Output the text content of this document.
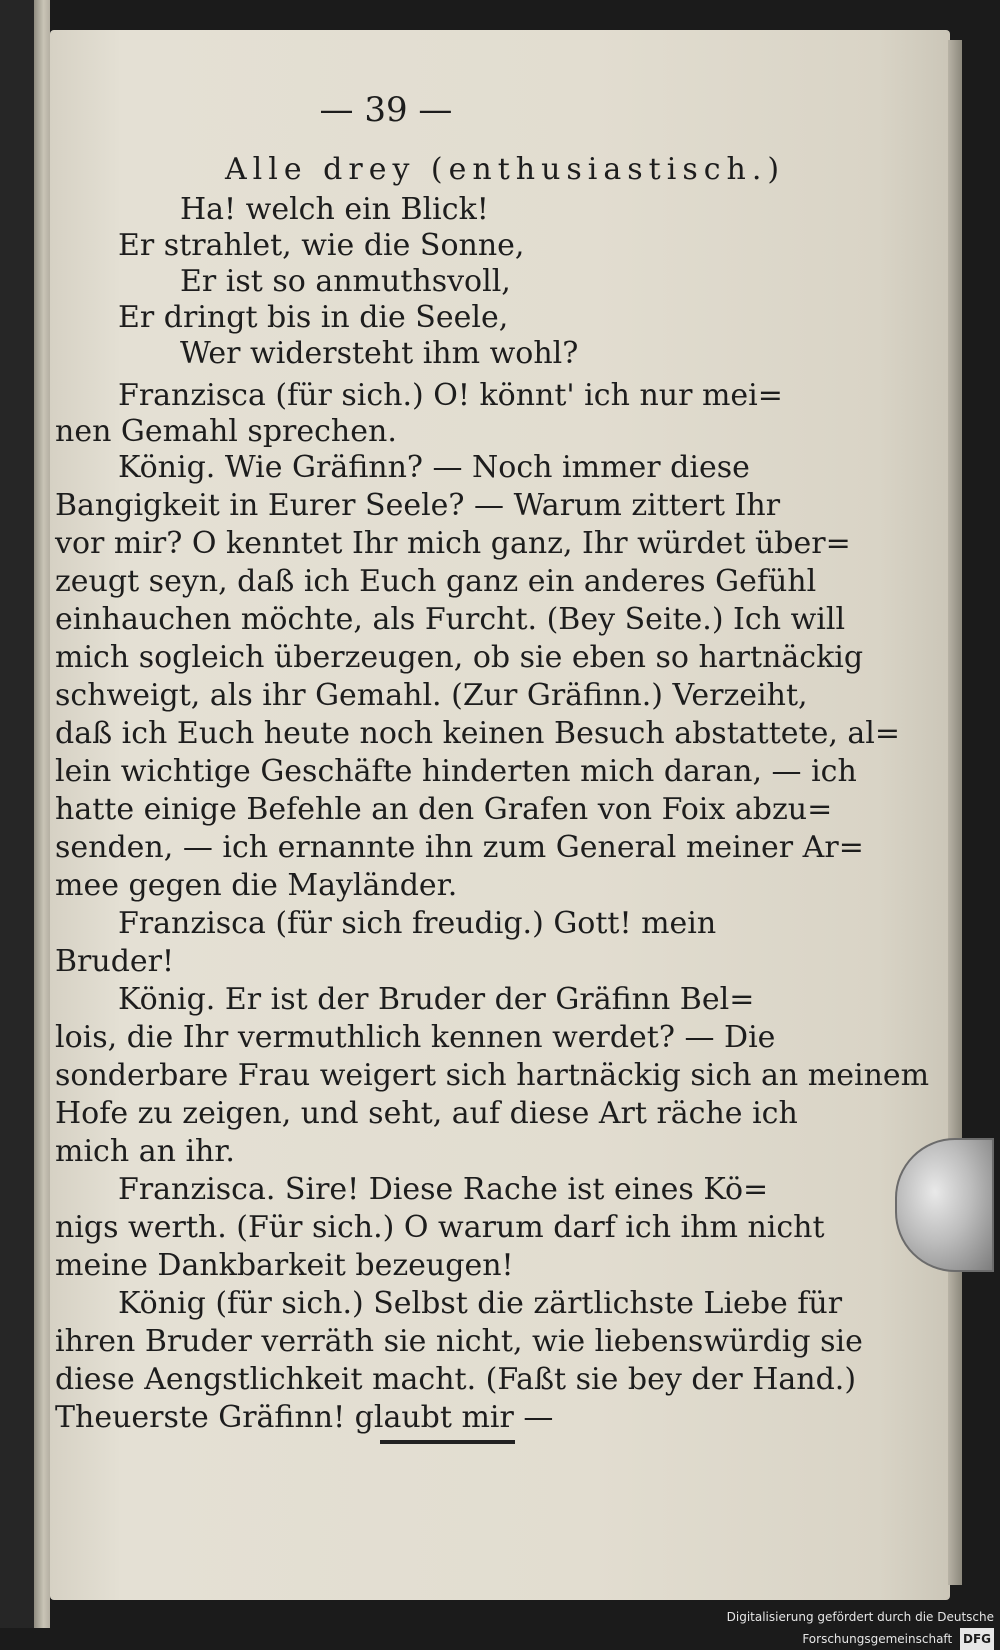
— 39 —
Alle drey (enthusiastisch.)
Ha! welch ein Blick!
Er strahlet, wie die Sonne,
Er ist so anmuthsvoll,
Er dringt bis in die Seele,
Wer widersteht ihm wohl?
Franzisca (für sich.) O! könnt' ich nur mei=
nen Gemahl sprechen.
König. Wie Gräfinn? — Noch immer diese
Bangigkeit in Eurer Seele? — Warum zittert Ihr
vor mir? O kenntet Ihr mich ganz, Ihr würdet über=
zeugt seyn, daß ich Euch ganz ein anderes Gefühl
einhauchen möchte, als Furcht. (Bey Seite.) Ich will
mich sogleich überzeugen, ob sie eben so hartnäckig
schweigt, als ihr Gemahl. (Zur Gräfinn.) Verzeiht,
daß ich Euch heute noch keinen Besuch abstattete, al=
lein wichtige Geschäfte hinderten mich daran, — ich
hatte einige Befehle an den Grafen von Foix abzu=
senden, — ich ernannte ihn zum General meiner Ar=
mee gegen die Mayländer.
Franzisca (für sich freudig.) Gott! mein
Bruder!
König. Er ist der Bruder der Gräfinn Bel=
lois, die Ihr vermuthlich kennen werdet? — Die
sonderbare Frau weigert sich hartnäckig sich an meinem
Hofe zu zeigen, und seht, auf diese Art räche ich
mich an ihr.
Franzisca. Sire! Diese Rache ist eines Kö=
nigs werth. (Für sich.) O warum darf ich ihm nicht
meine Dankbarkeit bezeugen!
König (für sich.) Selbst die zärtlichste Liebe für
ihren Bruder verräth sie nicht, wie liebenswürdig sie
diese Aengstlichkeit macht. (Faßt sie bey der Hand.)
Theuerste Gräfinn! glaubt mir —
Digitalisierung gefördert durch die Deutsche Forschungsgemeinschaft DFG
